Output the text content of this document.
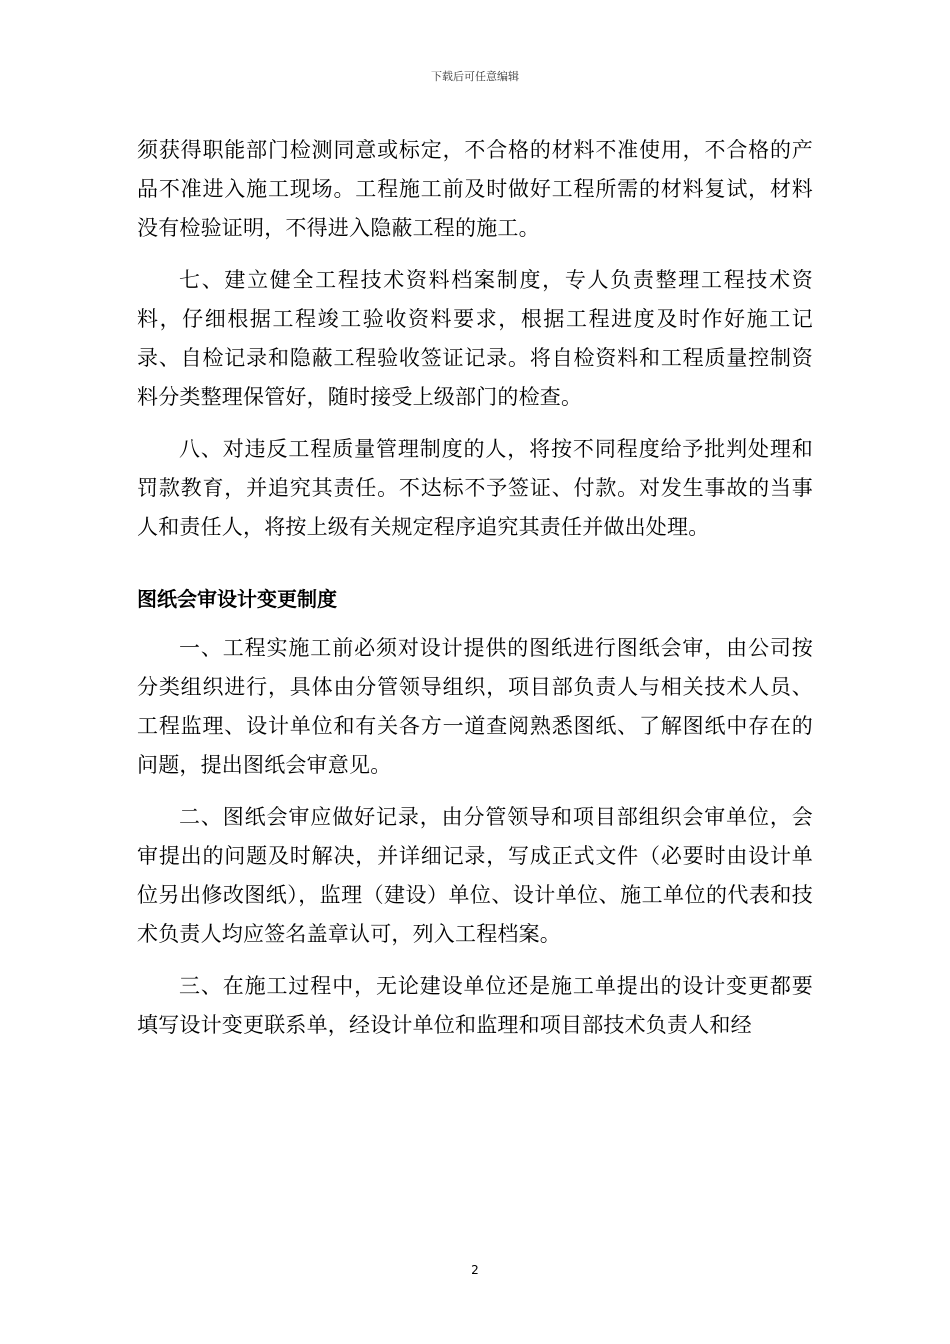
下载后可任意编辑

须获得职能部门检测同意或标定，不合格的材料不准使用，不合格的产品不准进入施工现场。工程施工前及时做好工程所需的材料复试，材料没有检验证明，不得进入隐蔽工程的施工。

七、建立健全工程技术资料档案制度，专人负责整理工程技术资料，仔细根据工程竣工验收资料要求，根据工程进度及时作好施工记录、自检记录和隐蔽工程验收签证记录。将自检资料和工程质量控制资料分类整理保管好，随时接受上级部门的检查。

八、对违反工程质量管理制度的人，将按不同程度给予批判处理和罚款教育，并追究其责任。不达标不予签证、付款。对发生事故的当事人和责任人，将按上级有关规定程序追究其责任并做出处理。

图纸会审设计变更制度

一、工程实施工前必须对设计提供的图纸进行图纸会审，由公司按分类组织进行，具体由分管领导组织，项目部负责人与相关技术人员、工程监理、设计单位和有关各方一道查阅熟悉图纸、了解图纸中存在的问题，提出图纸会审意见。

二、图纸会审应做好记录，由分管领导和项目部组织会审单位，会审提出的问题及时解决，并详细记录，写成正式文件（必要时由设计单位另出修改图纸），监理（建设）单位、设计单位、施工单位的代表和技术负责人均应签名盖章认可，列入工程档案。

三、在施工过程中，无论建设单位还是施工单提出的设计变更都要填写设计变更联系单，经设计单位和监理和项目部技术负责人和经

2
